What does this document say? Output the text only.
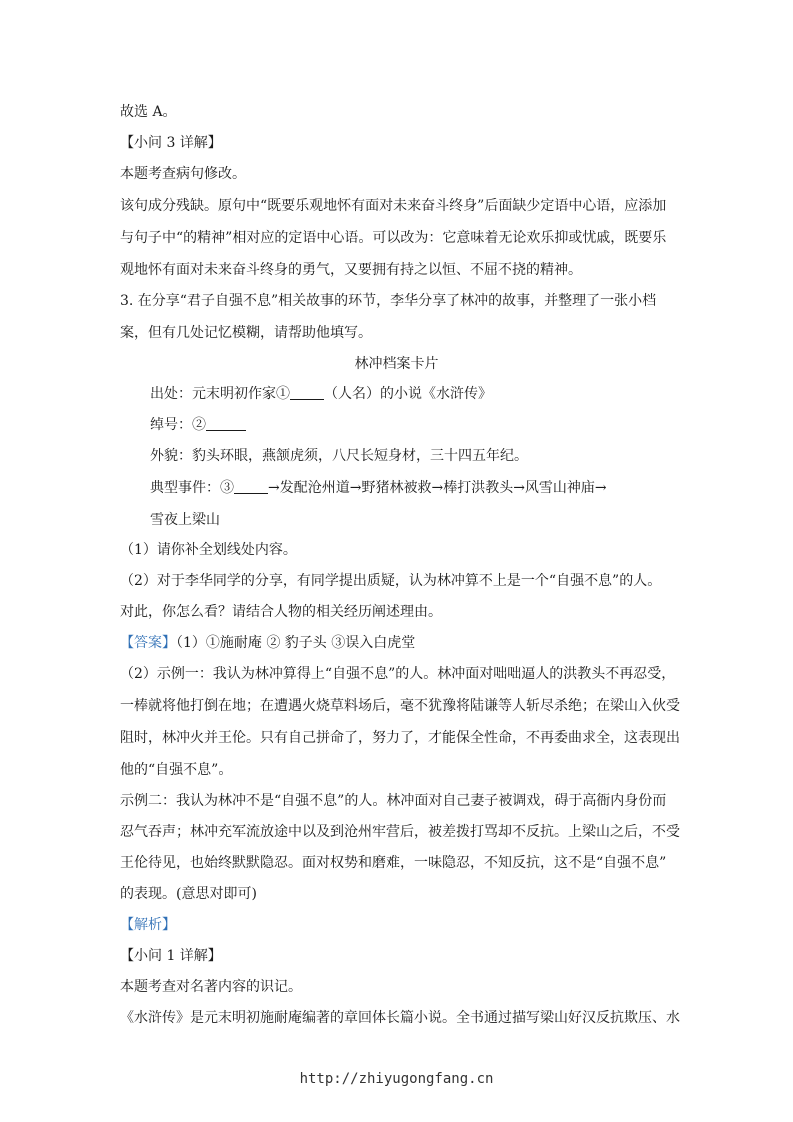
故选 A。
【小问 3 详解】
本题考查病句修改。
该句成分残缺。原句中“既要乐观地怀有面对未来奋斗终身”后面缺少定语中心语，应添加
与句子中“的精神”相对应的定语中心语。可以改为：它意味着无论欢乐抑或忧戚，既要乐
观地怀有面对未来奋斗终身的勇气，又要拥有持之以恒、不屈不挠的精神。
3. 在分享“君子自强不息”相关故事的环节，李华分享了林冲的故事，并整理了一张小档
案，但有几处记忆模糊，请帮助他填写。
林冲档案卡片
出处：元末明初作家① （人名）的小说《水浒传》
绰号：②
外貌：豹头环眼，燕颔虎须，八尺长短身材，三十四五年纪。
典型事件：③ →发配沧州道→野猪林被救→棒打洪教头→风雪山神庙→
雪夜上梁山
（1）请你补全划线处内容。
（2）对于李华同学的分享，有同学提出质疑，认为林冲算不上是一个“自强不息”的人。
对此，你怎么看？请结合人物的相关经历阐述理由。
【答案】（1）①施耐庵 ② 豹子头 ③误入白虎堂
（2）示例一：我认为林冲算得上“自强不息”的人。林冲面对咄咄逼人的洪教头不再忍受，
一棒就将他打倒在地；在遭遇火烧草料场后，毫不犹豫将陆谦等人斩尽杀绝；在梁山入伙受
阻时，林冲火并王伦。只有自己拼命了，努力了，才能保全性命，不再委曲求全，这表现出
他的“自强不息”。
示例二：我认为林冲不是“自强不息”的人。林冲面对自己妻子被调戏，碍于高衙内身份而
忍气吞声；林冲充军流放途中以及到沧州牢营后，被差拨打骂却不反抗。上梁山之后，不受
王伦待见，也始终默默隐忍。面对权势和磨难，一味隐忍，不知反抗，这不是“自强不息”
的表现。(意思对即可)
【解析】
【小问 1 详解】
本题考查对名著内容的识记。
《水浒传》是元末明初施耐庵编著的章回体长篇小说。全书通过描写梁山好汉反抗欺压、水
http://zhiyugongfang.cn
